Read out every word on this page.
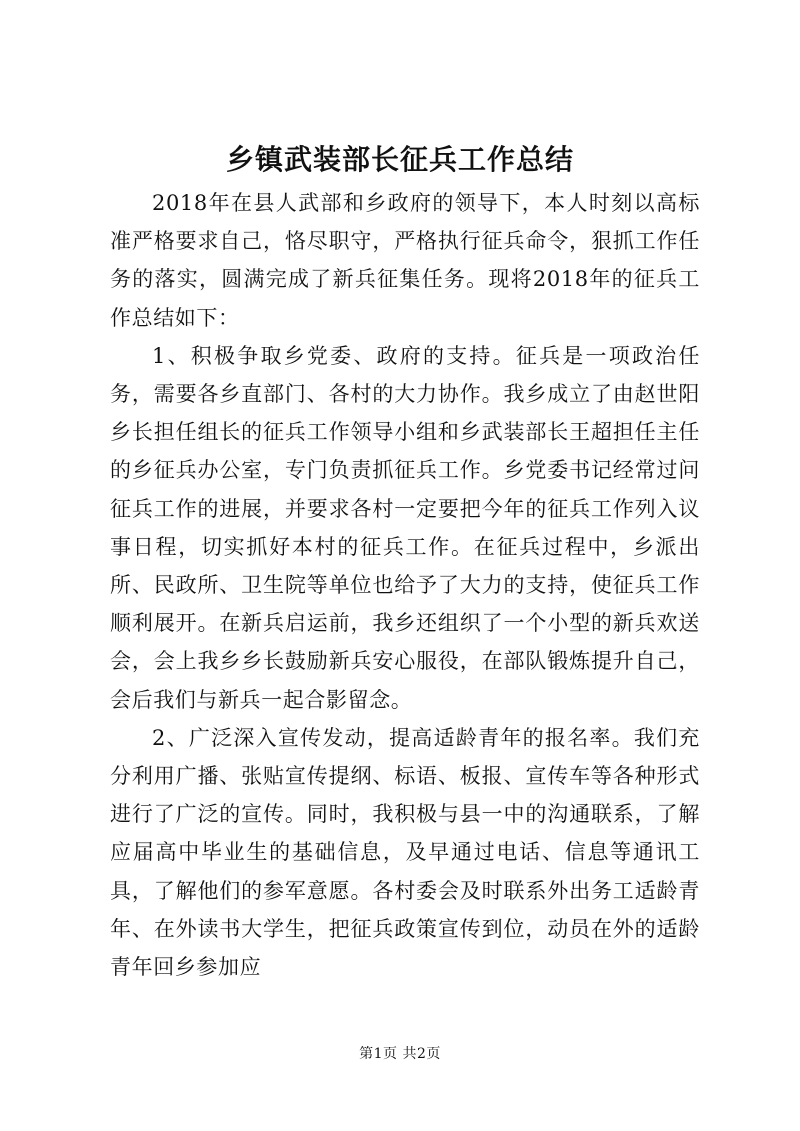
乡镇武装部长征兵工作总结

2018年在县人武部和乡政府的领导下，本人时刻以高标准严格要求自己，恪尽职守，严格执行征兵命令，狠抓工作任务的落实，圆满完成了新兵征集任务。现将2018年的征兵工作总结如下：

1、积极争取乡党委、政府的支持。征兵是一项政治任务，需要各乡直部门、各村的大力协作。我乡成立了由赵世阳乡长担任组长的征兵工作领导小组和乡武装部长王超担任主任的乡征兵办公室，专门负责抓征兵工作。乡党委书记经常过问征兵工作的进展，并要求各村一定要把今年的征兵工作列入议事日程，切实抓好本村的征兵工作。在征兵过程中，乡派出所、民政所、卫生院等单位也给予了大力的支持，使征兵工作顺利展开。在新兵启运前，我乡还组织了一个小型的新兵欢送会，会上我乡乡长鼓励新兵安心服役，在部队锻炼提升自己，会后我们与新兵一起合影留念。

2、广泛深入宣传发动，提高适龄青年的报名率。我们充分利用广播、张贴宣传提纲、标语、板报、宣传车等各种形式进行了广泛的宣传。同时，我积极与县一中的沟通联系，了解应届高中毕业生的基础信息，及早通过电话、信息等通讯工具，了解他们的参军意愿。各村委会及时联系外出务工适龄青年、在外读书大学生，把征兵政策宣传到位，动员在外的适龄青年回乡参加应

第1页 共2页
